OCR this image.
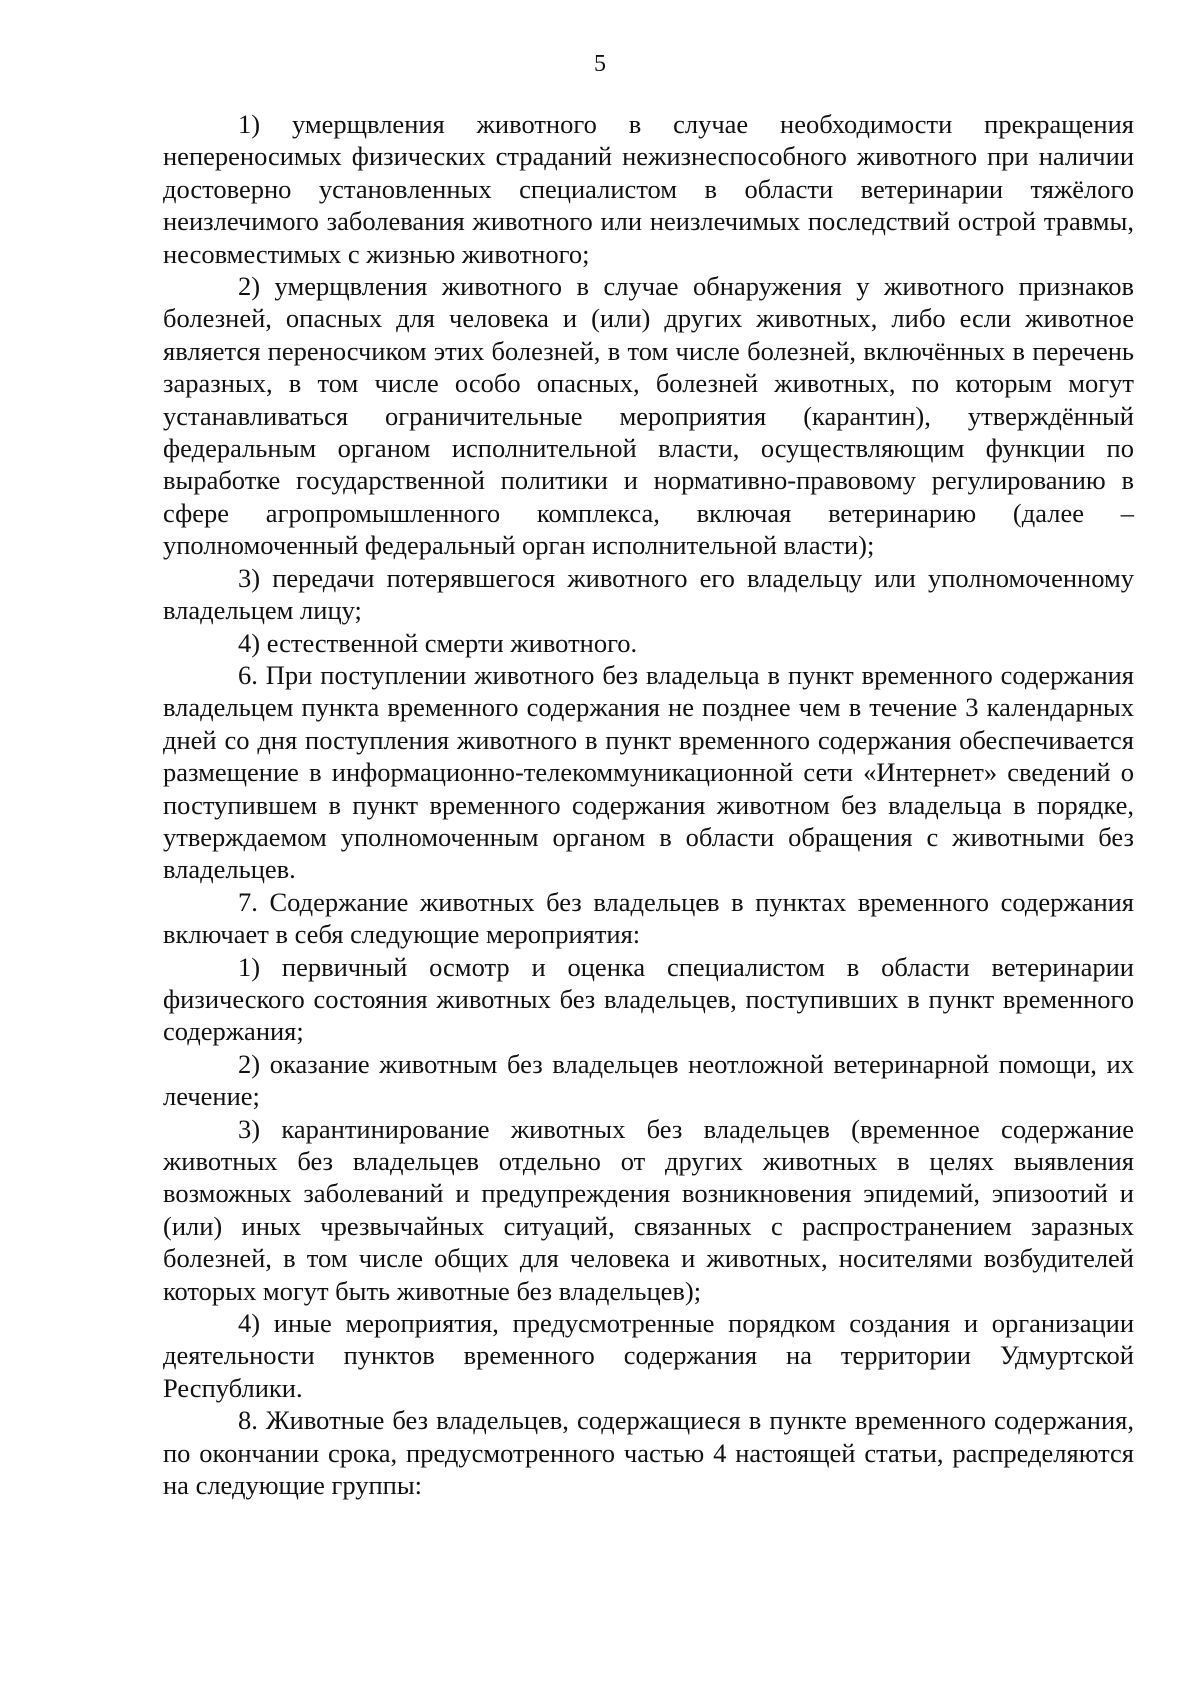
5

1) умерщвления животного в случае необходимости прекращения непереносимых физических страданий нежизнеспособного животного при наличии достоверно установленных специалистом в области ветеринарии тяжёлого неизлечимого заболевания животного или неизлечимых последствий острой травмы, несовместимых с жизнью животного;

2) умерщвления животного в случае обнаружения у животного признаков болезней, опасных для человека и (или) других животных, либо если животное является переносчиком этих болезней, в том числе болезней, включённых в перечень заразных, в том числе особо опасных, болезней животных, по которым могут устанавливаться ограничительные мероприятия (карантин), утверждённый федеральным органом исполнительной власти, осуществляющим функции по выработке государственной политики и нормативно-правовому регулированию в сфере агропромышленного комплекса, включая ветеринарию (далее – уполномоченный федеральный орган исполнительной власти);

3) передачи потерявшегося животного его владельцу или уполномоченному владельцем лицу;

4) естественной смерти животного.

6. При поступлении животного без владельца в пункт временного содержания владельцем пункта временного содержания не позднее чем в течение 3 календарных дней со дня поступления животного в пункт временного содержания обеспечивается размещение в информационно-телекоммуникационной сети «Интернет» сведений о поступившем в пункт временного содержания животном без владельца в порядке, утверждаемом уполномоченным органом в области обращения с животными без владельцев.

7. Содержание животных без владельцев в пунктах временного содержания включает в себя следующие мероприятия:

1) первичный осмотр и оценка специалистом в области ветеринарии физического состояния животных без владельцев, поступивших в пункт временного содержания;

2) оказание животным без владельцев неотложной ветеринарной помощи, их лечение;

3) карантинирование животных без владельцев (временное содержание животных без владельцев отдельно от других животных в целях выявления возможных заболеваний и предупреждения возникновения эпидемий, эпизоотий и (или) иных чрезвычайных ситуаций, связанных с распространением заразных болезней, в том числе общих для человека и животных, носителями возбудителей которых могут быть животные без владельцев);

4) иные мероприятия, предусмотренные порядком создания и организации деятельности пунктов временного содержания на территории Удмуртской Республики.

8. Животные без владельцев, содержащиеся в пункте временного содержания, по окончании срока, предусмотренного частью 4 настоящей статьи, распределяются на следующие группы:
